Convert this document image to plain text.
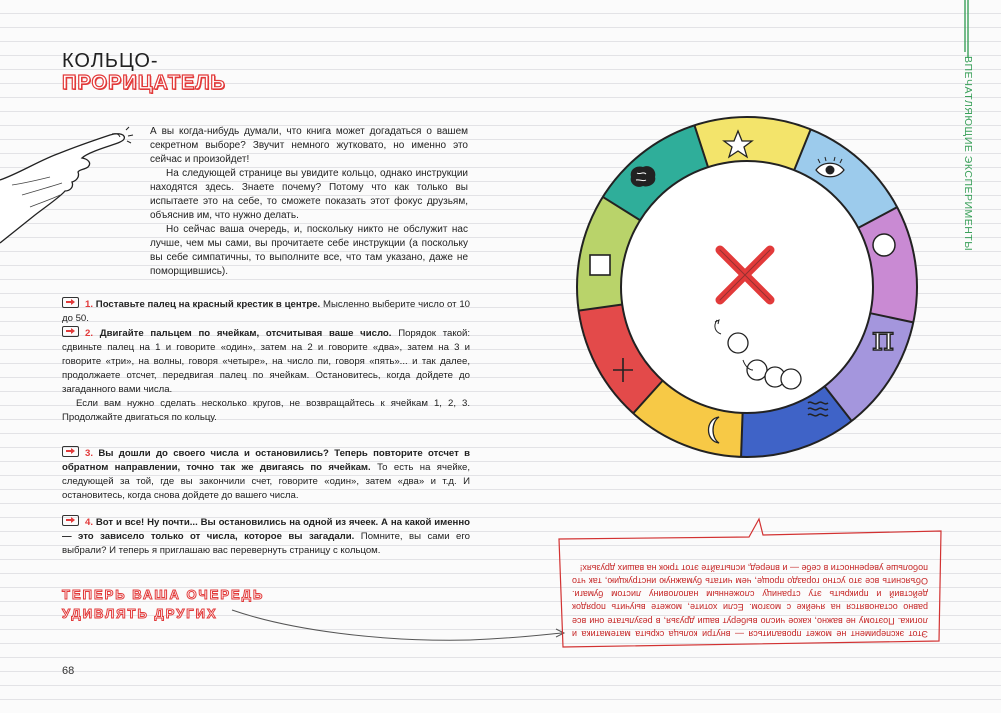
КОЛЬЦО-
ПРОРИЦАТЕЛЬ

А вы когда-нибудь думали, что книга может догадаться о вашем секретном выборе? Звучит немного жутковато, но именно это сейчас и произойдет!

На следующей странице вы увидите кольцо, однако инструкции находятся здесь. Знаете почему? Потому что как только вы испытаете это на себе, то сможете показать этот фокус друзьям, объяснив им, что нужно делать.

Но сейчас ваша очередь, и, поскольку никто не обслужит нас лучше, чем мы сами, вы прочитаете себе инструкции (а поскольку вы себе симпатичны, то выполните все, что там указано, даже не поморщившись).

1. Поставьте палец на красный крестик в центре. Мысленно выберите число от 10 до 50.

2. Двигайте пальцем по ячейкам, отсчитывая ваше число. Порядок такой: сдвиньте палец на 1 и говорите «один», затем на 2 и говорите «два», затем на 3 и говорите «три», на волны, говоря «четыре», на число пи, говоря «пять»... и так далее, продолжаете отсчет, передвигая палец по ячейкам. Остановитесь, когда дойдете до загаданного вами числа.

Если вам нужно сделать несколько кругов, не возвращайтесь к ячейкам 1, 2, 3. Продолжайте двигаться по кольцу.

3. Вы дошли до своего числа и остановились? Теперь повторите отсчет в обратном направлении, точно так же двигаясь по ячейкам. То есть на ячейке, следующей за той, где вы закончили счет, говорите «один», затем «два» и т.д. И остановитесь, когда снова дойдете до вашего числа.

4. Вот и все! Ну почти... Вы остановились на одной из ячеек. А на какой именно — это зависело только от числа, которое вы загадали. Помните, вы сами его выбрали? И теперь я приглашаю вас перевернуть страницу с кольцом.

ТЕПЕРЬ ВАША ОЧЕРЕДЬ
УДИВЛЯТЬ ДРУГИХ

Этот эксперимент не может провалиться — внутри кольца скрыта математика и логика. Поэтому не важно, какое число выберут ваши друзья, в результате они все равно остановятся на ячейке с мозгом. Если хотите, можете выучить порядок действий и прикрыть эту страницу сложенным наполовину листом бумаги. Объяснить все это устно гораздо проще, чем читать бумажную инструкцию, так что побольше уверенности в себе — и вперед, испытайте этот трюк на ваших друзьях!

68
ВПЕЧАТЛЯЮЩИЕ ЭКСПЕРИМЕНТЫ
π
